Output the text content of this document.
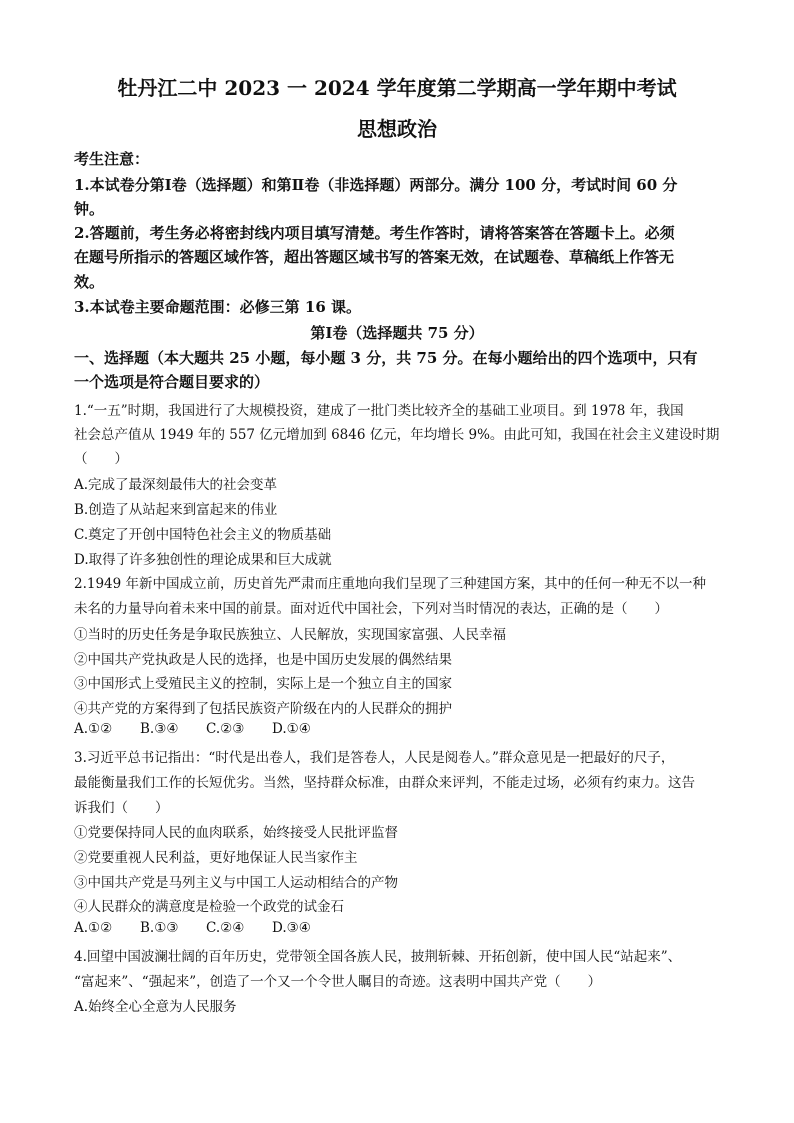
牡丹江二中 2023 一 2024 学年度第二学期高一学年期中考试
思想政治
考生注意：
1.本试卷分第Ⅰ卷（选择题）和第Ⅱ卷（非选择题）两部分。满分 100 分，考试时间 60 分
钟。
2.答题前，考生务必将密封线内项目填写清楚。考生作答时，请将答案答在答题卡上。必须
在题号所指示的答题区域作答，超出答题区域书写的答案无效，在试题卷、草稿纸上作答无
效。
3.本试卷主要命题范围：必修三第 16 课。
第Ⅰ卷（选择题共 75 分）
一、选择题（本大题共 25 小题，每小题 3 分，共 75 分。在每小题给出的四个选项中，只有
一个选项是符合题目要求的）
1.“一五”时期，我国进行了大规模投资，建成了一批门类比较齐全的基础工业项目。到 1978 年，我国
社会总产值从 1949 年的 557 亿元增加到 6846 亿元，年均增长 9%。由此可知，我国在社会主义建设时期
（　　）
A.完成了最深刻最伟大的社会变革
B.创造了从站起来到富起来的伟业
C.奠定了开创中国特色社会主义的物质基础
D.取得了许多独创性的理论成果和巨大成就
2.1949 年新中国成立前，历史首先严肃而庄重地向我们呈现了三种建国方案，其中的任何一种无不以一种
未名的力量导向着未来中国的前景。面对近代中国社会，下列对当时情况的表达，正确的是（　　）
①当时的历史任务是争取民族独立、人民解放，实现国家富强、人民幸福
②中国共产党执政是人民的选择，也是中国历史发展的偶然结果
③中国形式上受殖民主义的控制，实际上是一个独立自主的国家
④共产党的方案得到了包括民族资产阶级在内的人民群众的拥护
A.①② B.③④ C.②③ D.①④
3.习近平总书记指出：“时代是出卷人，我们是答卷人，人民是阅卷人。”群众意见是一把最好的尺子，
最能衡量我们工作的长短优劣。当然，坚持群众标准，由群众来评判，不能走过场，必须有约束力。这告
诉我们（　　）
①党要保持同人民的血肉联系，始终接受人民批评监督
②党要重视人民利益，更好地保证人民当家作主
③中国共产党是马列主义与中国工人运动相结合的产物
④人民群众的满意度是检验一个政党的试金石
A.①② B.①③ C.②④ D.③④
4.回望中国波澜壮阔的百年历史，党带领全国各族人民，披荆斩棘、开拓创新，使中国人民“站起来”、
“富起来”、“强起来”，创造了一个又一个令世人瞩目的奇迹。这表明中国共产党（　　）
A.始终全心全意为人民服务
